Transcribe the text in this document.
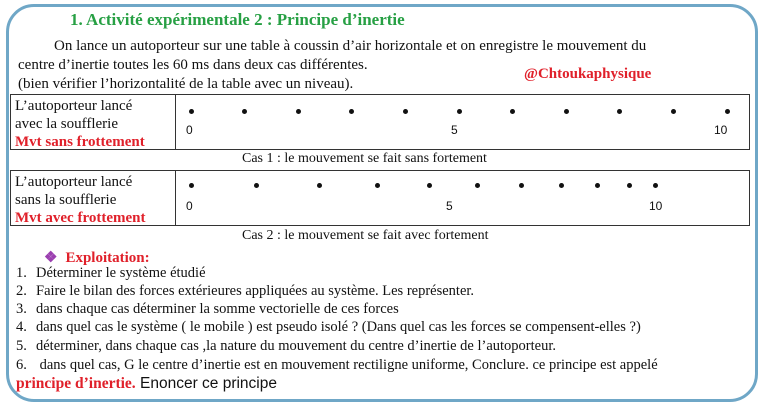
1. Activité expérimentale 2 : Principe d’inertie
On lance un autoporteur sur une table à coussin d’air horizontale et on enregistre le mouvement du
centre d’inertie toutes les 60 ms dans deux cas différentes.
(bien vérifier l’horizontalité de la table avec un niveau).
@Chtoukaphysique
L’autoporteur lancé
avec la soufflerie
Mvt sans frottement
0	5	10
Cas 1 : le mouvement se fait sans fortement
L’autoporteur lancé
sans la soufflerie
Mvt avec frottement
0	5	10
Cas 2 : le mouvement se fait avec fortement
❖ Exploitation:
1. Déterminer le système étudié
2. Faire le bilan des forces extérieures appliquées au système. Les représenter.
3. dans chaque cas déterminer la somme vectorielle de ces forces
4. dans quel cas le système ( le mobile ) est pseudo isolé ? (Dans quel cas les forces se compensent-elles ?)
5. déterminer, dans chaque cas ,la nature du mouvement du centre d’inertie de l’autoporteur.
6. dans quel cas, G le centre d’inertie est en mouvement rectiligne uniforme, Conclure. ce principe est appelé
principe d’inertie. Enoncer ce principe
